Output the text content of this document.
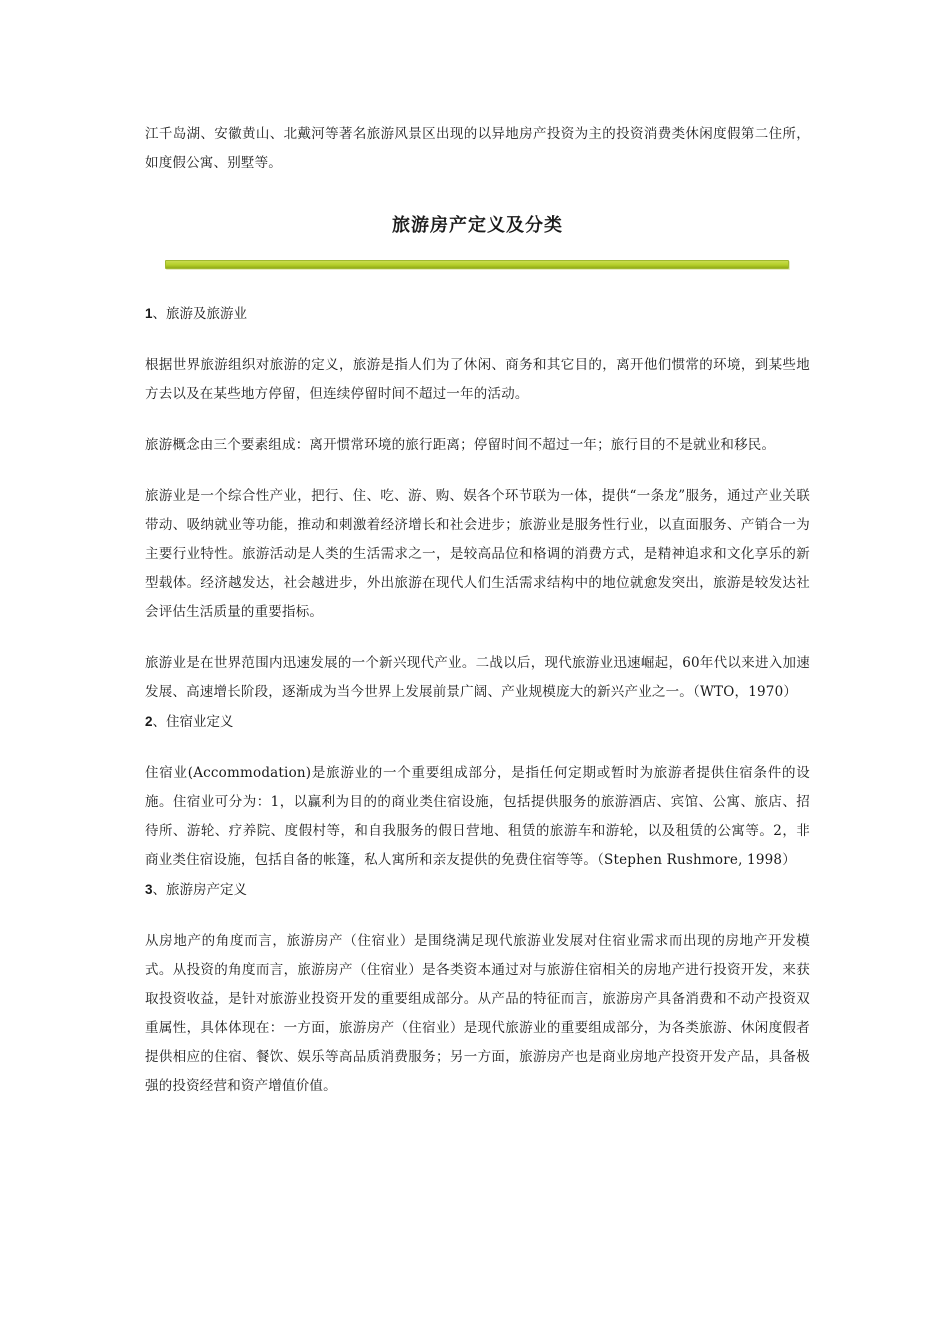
江千岛湖、安徽黄山、北戴河等著名旅游风景区出现的以异地房产投资为主的投资消费类休闲度假第二住所，如度假公寓、别墅等。

旅游房产定义及分类

1、旅游及旅游业

根据世界旅游组织对旅游的定义，旅游是指人们为了休闲、商务和其它目的，离开他们惯常的环境，到某些地方去以及在某些地方停留，但连续停留时间不超过一年的活动。

旅游概念由三个要素组成：离开惯常环境的旅行距离；停留时间不超过一年；旅行目的不是就业和移民。

旅游业是一个综合性产业，把行、住、吃、游、购、娱各个环节联为一体，提供“一条龙”服务，通过产业关联带动、吸纳就业等功能，推动和刺激着经济增长和社会进步；旅游业是服务性行业，以直面服务、产销合一为主要行业特性。旅游活动是人类的生活需求之一，是较高品位和格调的消费方式，是精神追求和文化享乐的新型载体。经济越发达，社会越进步，外出旅游在现代人们生活需求结构中的地位就愈发突出，旅游是较发达社会评估生活质量的重要指标。

旅游业是在世界范围内迅速发展的一个新兴现代产业。二战以后，现代旅游业迅速崛起，60年代以来进入加速发展、高速增长阶段，逐渐成为当今世界上发展前景广阔、产业规模庞大的新兴产业之一。（WTO，1970）

2、住宿业定义

住宿业(Accommodation)是旅游业的一个重要组成部分，是指任何定期或暂时为旅游者提供住宿条件的设施。住宿业可分为：1，以赢利为目的的商业类住宿设施，包括提供服务的旅游酒店、宾馆、公寓、旅店、招待所、游轮、疗养院、度假村等，和自我服务的假日营地、租赁的旅游车和游轮，以及租赁的公寓等。2，非商业类住宿设施，包括自备的帐篷，私人寓所和亲友提供的免费住宿等等。（Stephen Rushmore, 1998）

3、旅游房产定义

从房地产的角度而言，旅游房产（住宿业）是围绕满足现代旅游业发展对住宿业需求而出现的房地产开发模式。从投资的角度而言，旅游房产（住宿业）是各类资本通过对与旅游住宿相关的房地产进行投资开发，来获取投资收益，是针对旅游业投资开发的重要组成部分。从产品的特征而言，旅游房产具备消费和不动产投资双重属性，具体体现在：一方面，旅游房产（住宿业）是现代旅游业的重要组成部分，为各类旅游、休闲度假者提供相应的住宿、餐饮、娱乐等高品质消费服务；另一方面，旅游房产也是商业房地产投资开发产品，具备极强的投资经营和资产增值价值。
